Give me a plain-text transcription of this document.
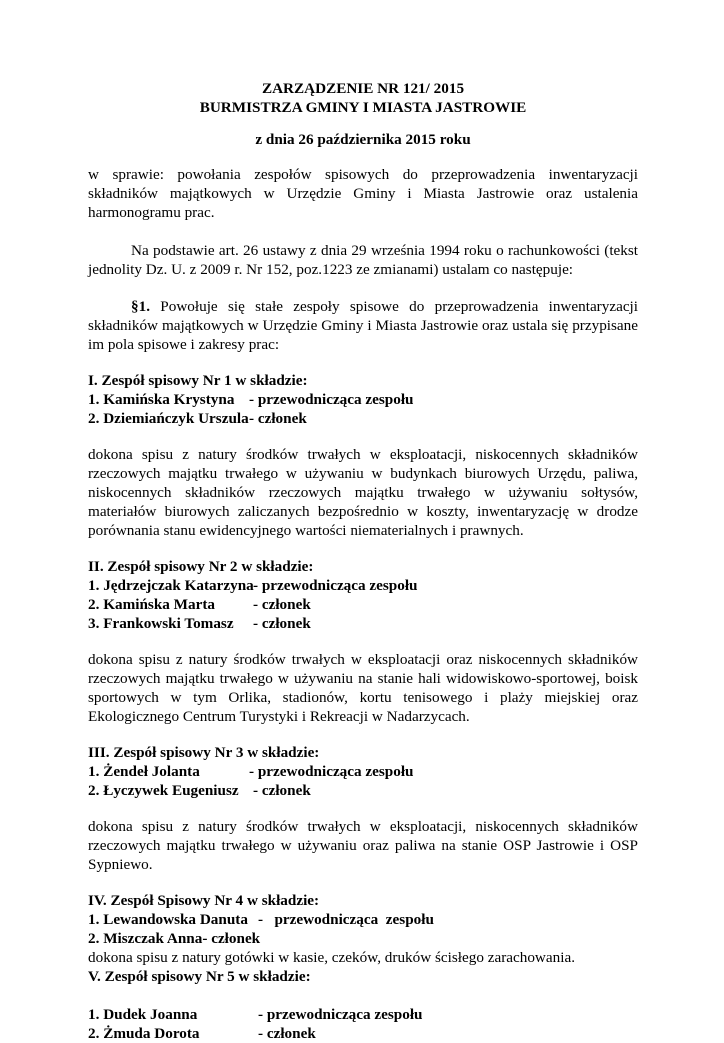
ZARZĄDZENIE NR 121/ 2015

BURMISTRZA GMINY I MIASTA JASTROWIE

z dnia 26 października 2015 roku

w sprawie: powołania zespołów spisowych do przeprowadzenia inwentaryzacji składników majątkowych w Urzędzie Gminy i Miasta Jastrowie oraz ustalenia harmonogramu prac.

Na podstawie art. 26 ustawy z dnia 29 września 1994 roku o rachunkowości (tekst jednolity Dz. U. z 2009 r. Nr 152, poz.1223 ze zmianami) ustalam co następuje:

§1. Powołuje się stałe zespoły spisowe do przeprowadzenia inwentaryzacji składników majątkowych w Urzędzie Gminy i Miasta Jastrowie oraz ustala się przypisane im pola spisowe i zakresy prac:

I. Zespół spisowy Nr 1 w składzie:
1. Kamińska Krystyna - przewodnicząca zespołu
2. Dziemiańczyk Urszula - członek

dokona spisu z natury środków trwałych w eksploatacji, niskocennych składników rzeczowych majątku trwałego w używaniu w budynkach biurowych Urzędu, paliwa, niskocennych składników rzeczowych majątku trwałego w używaniu sołtysów, materiałów biurowych zaliczanych bezpośrednio w koszty, inwentaryzację w drodze porównania stanu ewidencyjnego wartości niematerialnych i prawnych.

II. Zespół spisowy Nr 2 w składzie:
1. Jędrzejczak Katarzyna - przewodnicząca zespołu
2. Kamińska Marta	- członek
3. Frankowski Tomasz	- członek

dokona spisu z natury środków trwałych w eksploatacji oraz niskocennych składników rzeczowych majątku trwałego w używaniu na stanie hali widowiskowo-sportowej, boisk sportowych w tym Orlika, stadionów, kortu tenisowego i plaży miejskiej oraz Ekologicznego Centrum Turystyki i Rekreacji w Nadarzycach.

III. Zespół spisowy Nr 3 w składzie:
1. Żendeł Jolanta	- przewodnicząca zespołu
2. Łyczywek Eugeniusz - członek

dokona spisu z natury środków trwałych w eksploatacji, niskocennych składników rzeczowych majątku trwałego w używaniu oraz paliwa na stanie OSP Jastrowie i OSP Sypniewo.

IV. Zespół Spisowy Nr 4 w składzie:
1. Lewandowska Danuta -   przewodnicząca  zespołu
2. Miszczak Anna - członek

dokona spisu z natury gotówki w kasie, czeków, druków ścisłego zarachowania.

V. Zespół spisowy Nr 5 w składzie:
1. Dudek Joanna	- przewodnicząca zespołu
2. Żmuda Dorota	- członek
